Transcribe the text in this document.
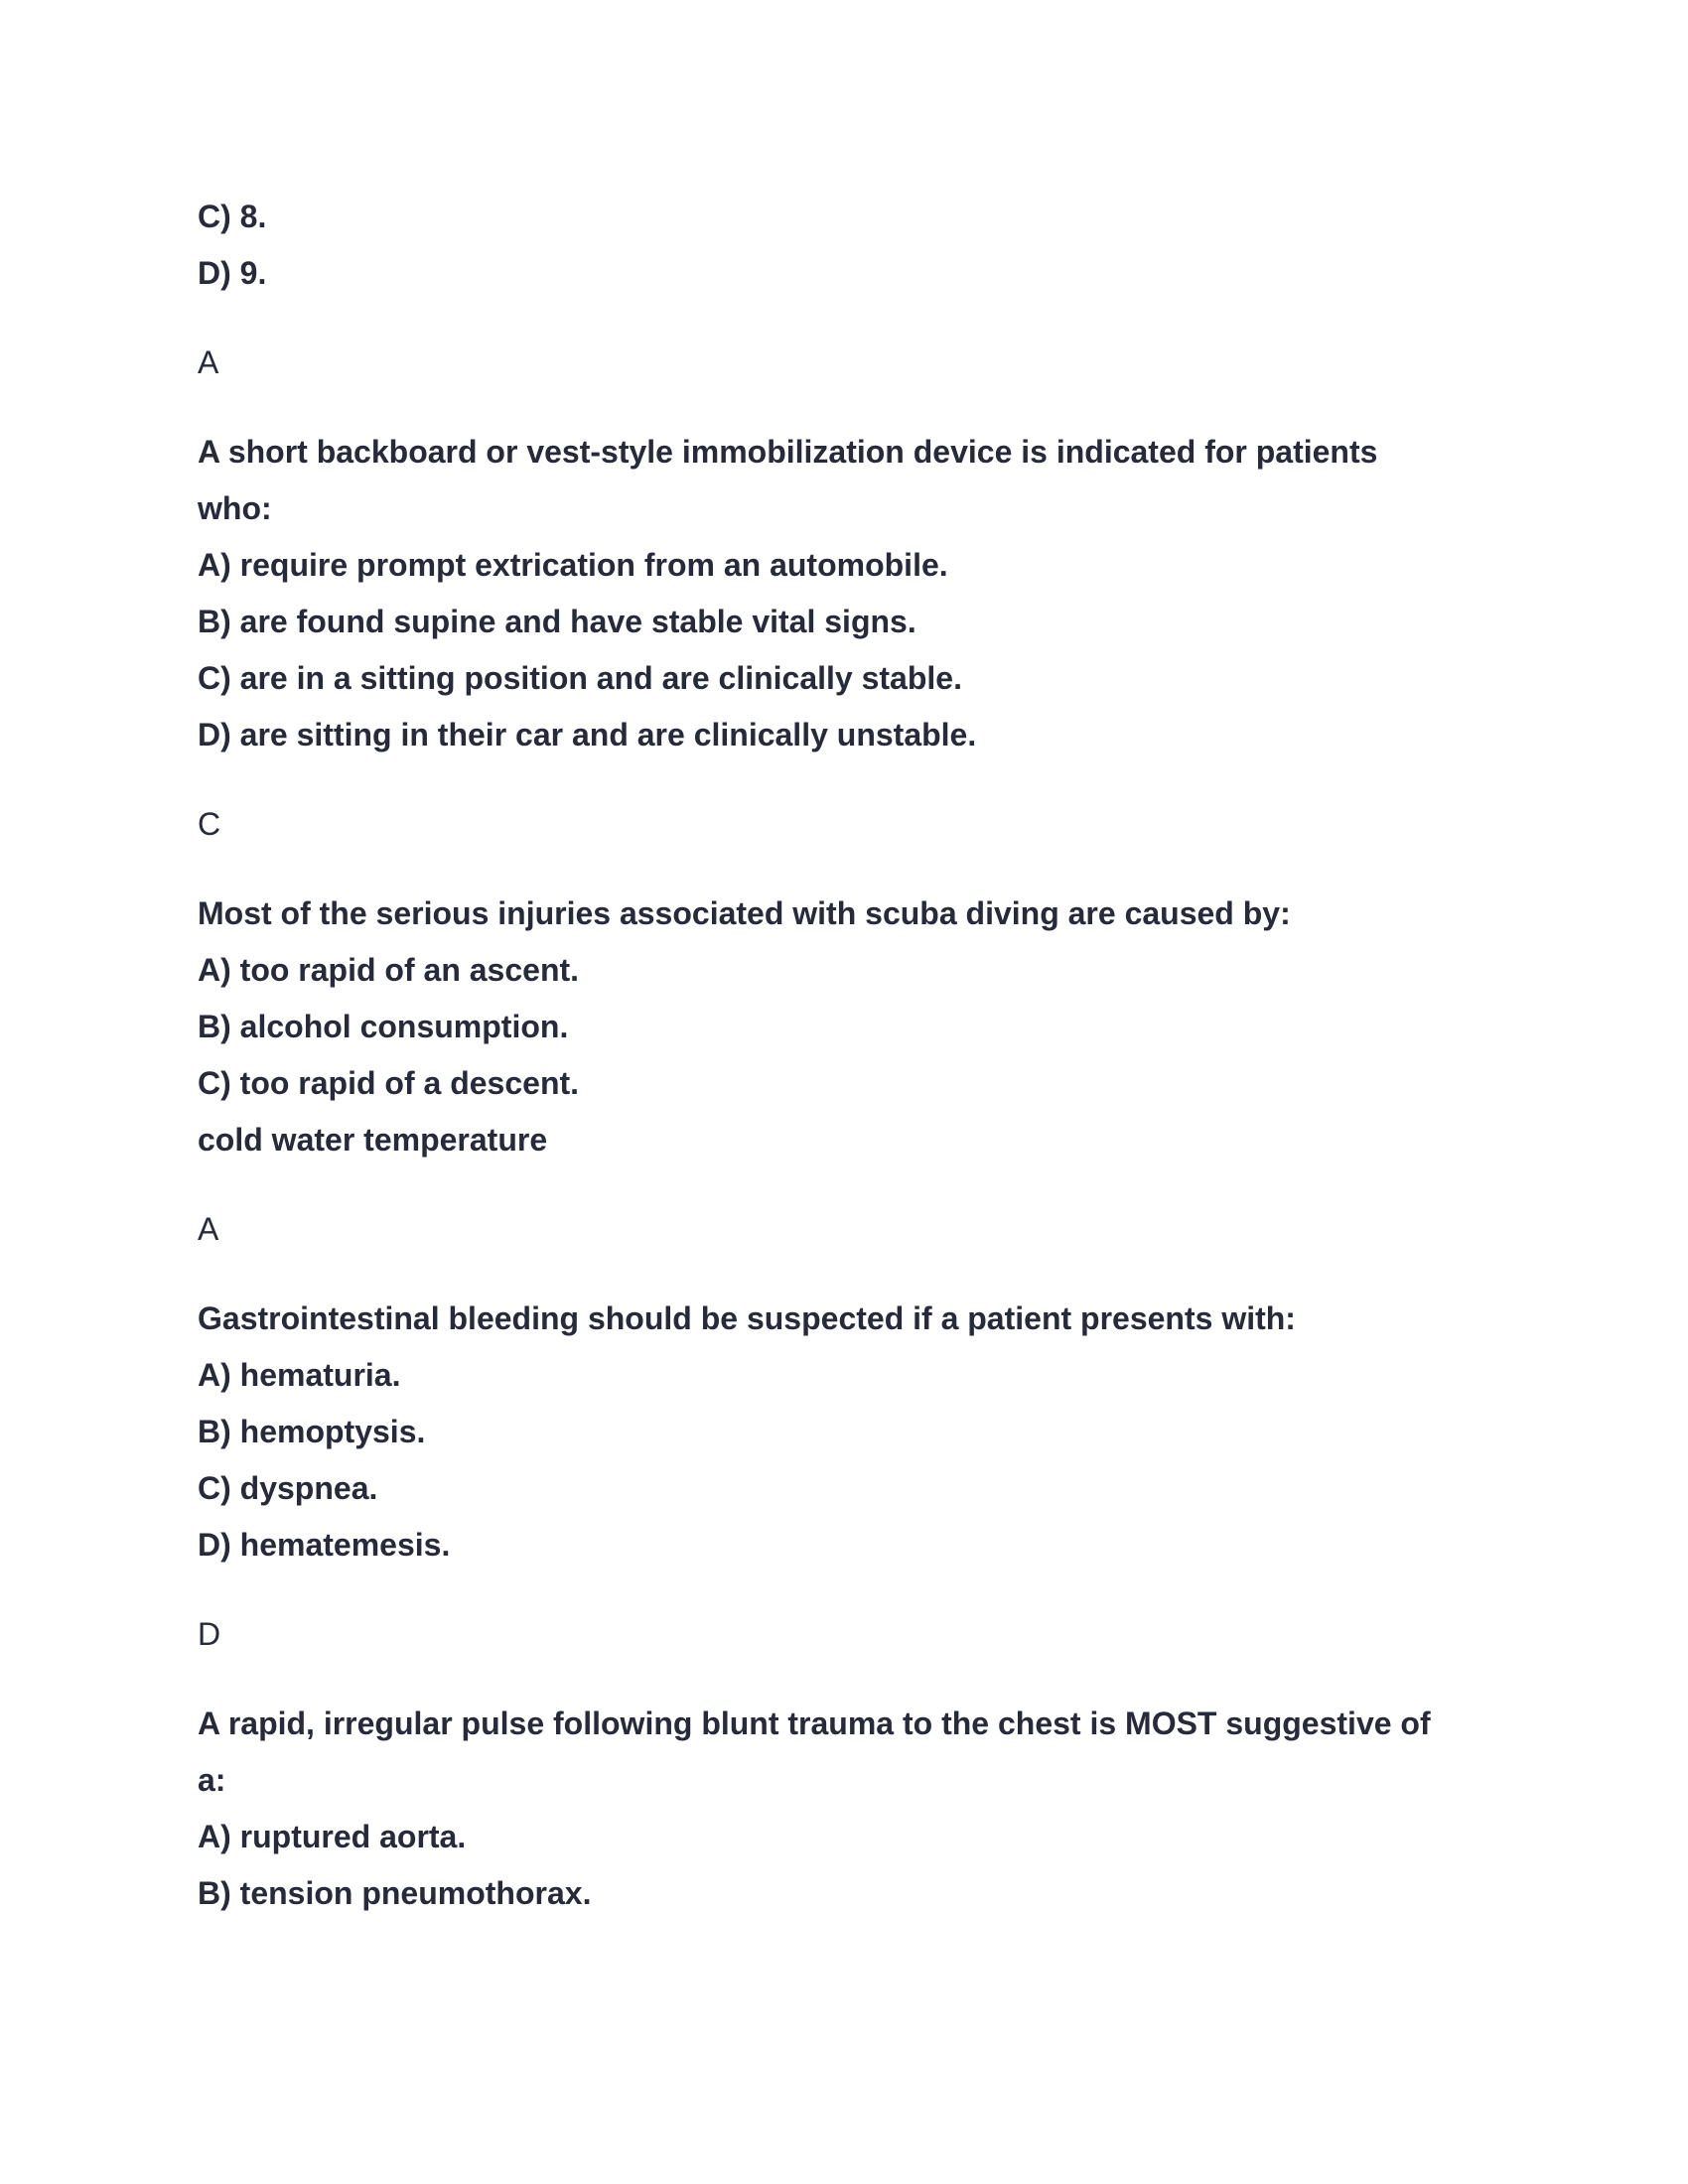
C) 8.
D) 9.
A
A short backboard or vest-style immobilization device is indicated for patients
who:
A) require prompt extrication from an automobile.
B) are found supine and have stable vital signs.
C) are in a sitting position and are clinically stable.
D) are sitting in their car and are clinically unstable.
C
Most of the serious injuries associated with scuba diving are caused by:
A) too rapid of an ascent.
B) alcohol consumption.
C) too rapid of a descent.
cold water temperature
A
Gastrointestinal bleeding should be suspected if a patient presents with:
A) hematuria.
B) hemoptysis.
C) dyspnea.
D) hematemesis.
D
A rapid, irregular pulse following blunt trauma to the chest is MOST suggestive of
a:
A) ruptured aorta.
B) tension pneumothorax.
